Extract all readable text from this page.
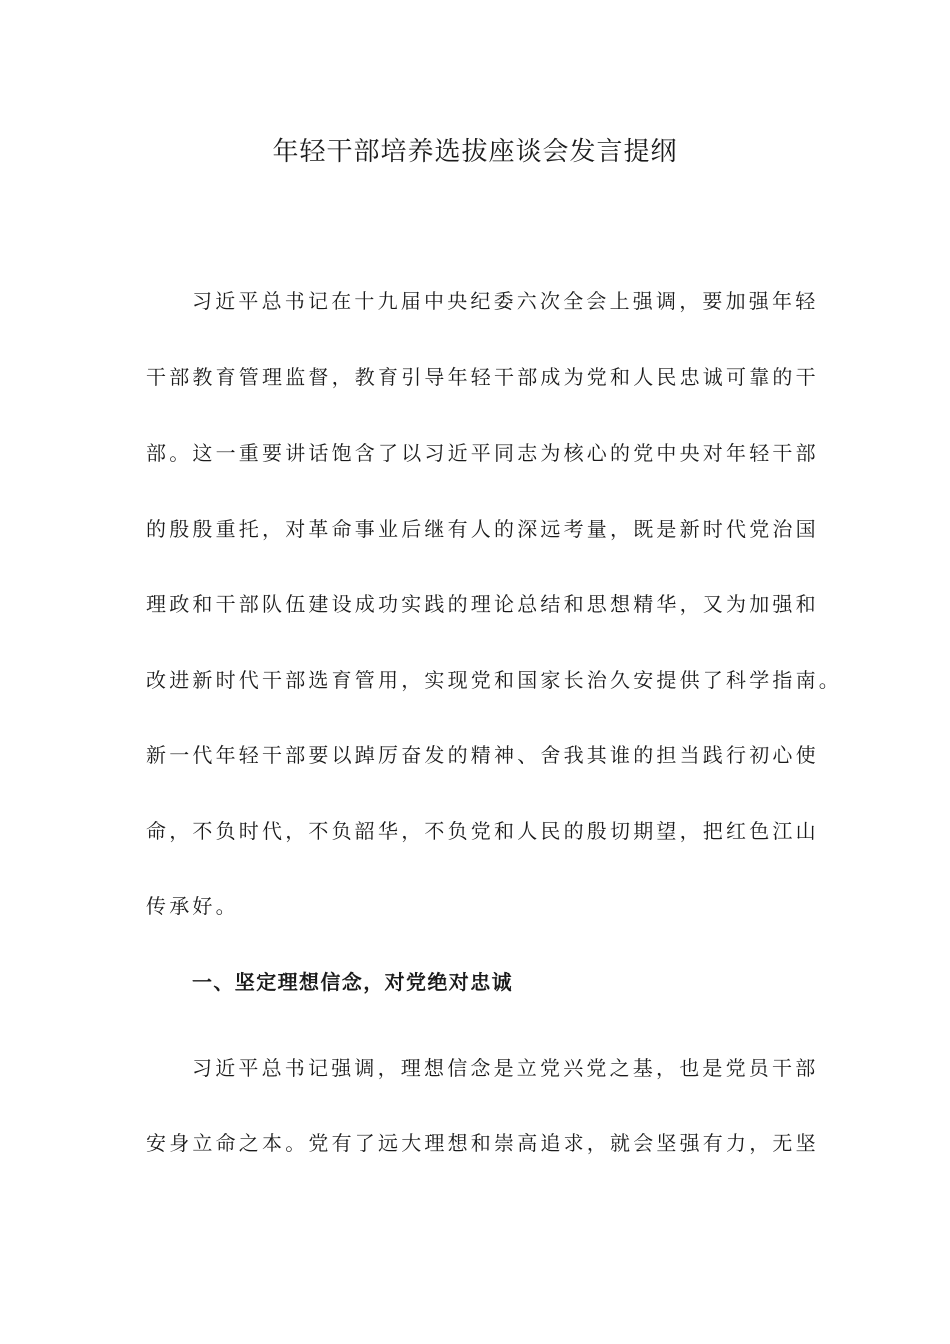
年轻干部培养选拔座谈会发言提纲
习近平总书记在十九届中央纪委六次全会上强调，要加强年轻
干部教育管理监督，教育引导年轻干部成为党和人民忠诚可靠的干
部。这一重要讲话饱含了以习近平同志为核心的党中央对年轻干部
的殷殷重托，对革命事业后继有人的深远考量，既是新时代党治国
理政和干部队伍建设成功实践的理论总结和思想精华，又为加强和
改进新时代干部选育管用，实现党和国家长治久安提供了科学指南。
新一代年轻干部要以踔厉奋发的精神、舍我其谁的担当践行初心使
命，不负时代，不负韶华，不负党和人民的殷切期望，把红色江山
传承好。
一、坚定理想信念，对党绝对忠诚
习近平总书记强调，理想信念是立党兴党之基，也是党员干部
安身立命之本。党有了远大理想和崇高追求，就会坚强有力，无坚
